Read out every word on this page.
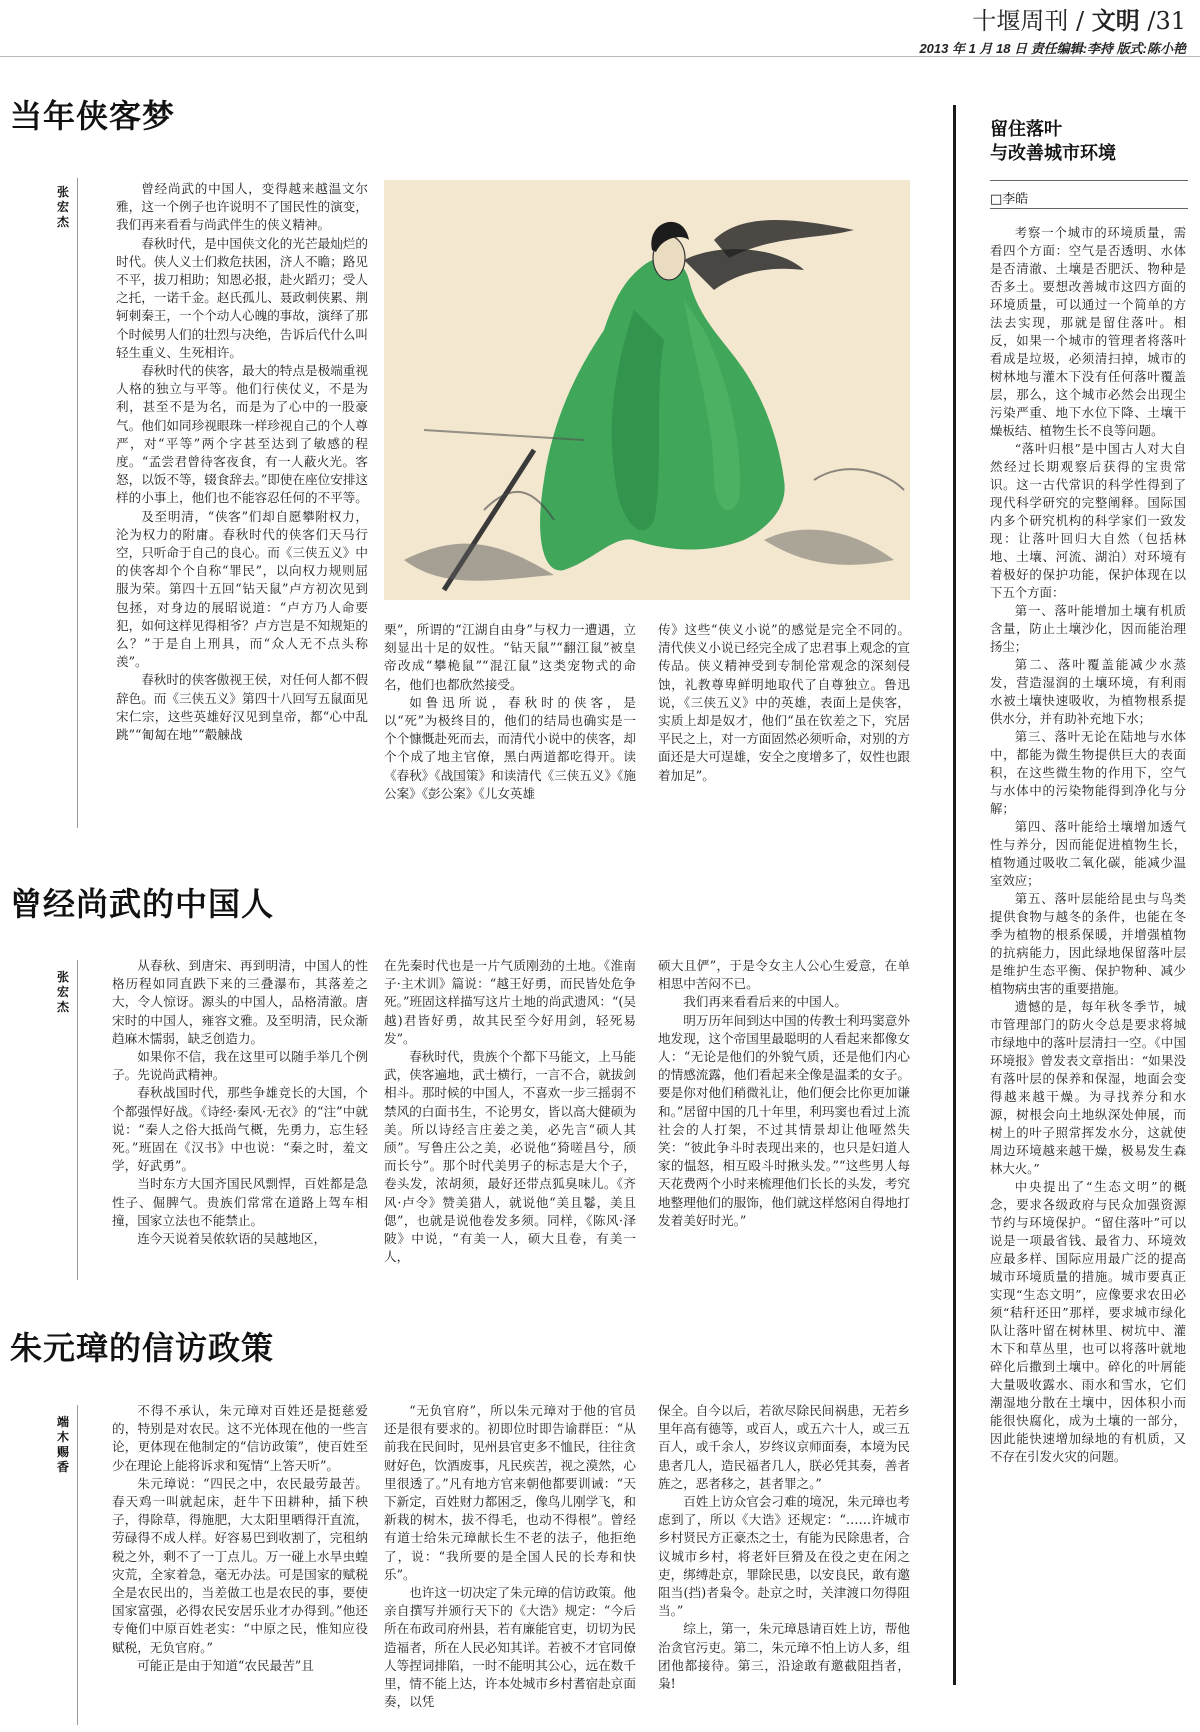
十堰周刊 / 文明 /31
2013 年 1 月 18 日 责任编辑:李持 版式:陈小艳
当年侠客梦
张宏杰

曾经尚武的中国人，变得越来越温文尔雅，这一个例子也许说明不了国民性的演变，我们再来看看与尚武伴生的侠义精神。

春秋时代，是中国侠文化的光芒最灿烂的时代。侠人义士们救危扶困，济人不瞻；路见不平，拔刀相助；知恩必报，赴火蹈刃；受人之托，一诺千金。赵氏孤儿、聂政刺侠累、荆轲刺秦王，一个个动人心魄的事故，演绎了那个时候男人们的壮烈与决绝，告诉后代什么叫轻生重义、生死相许。

春秋时代的侠客，最大的特点是极端重视人格的独立与平等。他们行侠仗义，不是为利，甚至不是为名，而是为了心中的一股豪气。他们如同珍视眼珠一样珍视自己的个人尊严，对“平等”两个字甚至达到了敏感的程度。“孟尝君曾待客夜食，有一人蔽火光。客怒，以饭不等，辍食辞去。”即使在座位安排这样的小事上，他们也不能容忍任何的不平等。

及至明清，“侠客”们却自愿攀附权力，沦为权力的附庸。春秋时代的侠客们天马行空，只听命于自己的良心。而《三侠五义》中的侠客却个个自称“罪民”，以向权力规则屈服为荣。第四十五回“钻天鼠”卢方初次见到包拯，对身边的展昭说道：“卢方乃人命要犯，如何这样见得相爷？卢方岂是不知规矩的么？”于是自上刑具，而“众人无不点头称羡”。

春秋时的侠客傲视王侯，对任何人都不假辞色。而《三侠五义》第四十八回写五鼠面见宋仁宗，这些英雄好汉见到皇帝，都“心中乱跳”“匍匐在地”“觳觫战

栗”，所谓的“江湖自由身”与权力一遭遇，立刻显出十足的奴性。“钻天鼠”“翻江鼠”被皇帝改成“攀桅鼠”“混江鼠”这类宠物式的命名，他们也都欣然接受。

如鲁迅所说，春秋时的侠客，是以“死”为极终目的，他们的结局也确实是一个个慷慨赴死而去，而清代小说中的侠客，却个个成了地主官僚，黑白两道都吃得开。读《春秋》《战国策》和读清代《三侠五义》《施公案》《彭公案》《儿女英雄

传》这些“侠义小说”的感觉是完全不同的。清代侠义小说已经完全成了忠君事上观念的宣传品。侠义精神受到专制伦常观念的深刻侵蚀，礼教尊卑鲜明地取代了自尊独立。鲁迅说，《三侠五义》中的英雄，表面上是侠客，实质上却是奴才，他们“虽在钦差之下，究居平民之上，对一方面固然必须听命，对别的方面还是大可逞雄，安全之度增多了，奴性也跟着加足”。

曾经尚武的中国人
张宏杰

从春秋、到唐宋、再到明清，中国人的性格历程如同直跌下来的三叠瀑布，其落差之大，令人惊讶。源头的中国人，品格清澈。唐宋时的中国人，雍容文雅。及至明清，民众渐趋麻木懦弱，缺乏创造力。

如果你不信，我在这里可以随手举几个例子。先说尚武精神。

春秋战国时代，那些争雄竞长的大国，个个都强悍好战。《诗经·秦风·无衣》的“注”中就说：“秦人之俗大抵尚气概，先勇力，忘生轻死。”班固在《汉书》中也说：“秦之时，羞文学，好武勇”。

当时东方大国齐国民风剽悍，百姓都是急性子、倔脾气。贵族们常常在道路上驾车相撞，国家立法也不能禁止。

连今天说着吴侬软语的吴越地区，

在先秦时代也是一片气质刚劲的土地。《淮南子·主术训》篇说：“越王好勇，而民皆处危争死。”班固这样描写这片土地的尚武遗风：“(吴越)君皆好勇，故其民至今好用剑，轻死易发”。

春秋时代，贵族个个都下马能文，上马能武，侠客遍地，武士横行，一言不合，就拔剑相斗。那时候的中国人，不喜欢一步三摇弱不禁风的白面书生，不论男女，皆以高大健硕为美。所以诗经言庄姜之美，必先言“硕人其颀”。写鲁庄公之美，必说他“猗嗟昌兮，颀而长兮”。那个时代美男子的标志是大个子，卷头发，浓胡须，最好还带点狐臭味儿。《齐风·卢令》赞美猎人，就说他“美且鬈，美且偲”，也就是说他卷发多须。同样，《陈风·泽陂》中说，“有美一人，硕大且卷，有美一人，

硕大且俨”，于是令女主人公心生爱意，在单相思中苦闷不已。

我们再来看看后来的中国人。

明万历年间到达中国的传教士利玛窦意外地发现，这个帝国里最聪明的人看起来都像女人：“无论是他们的外貌气质，还是他们内心的情感流露，他们看起来全像是温柔的女子。要是你对他们稍微礼让，他们便会比你更加谦和。”居留中国的几十年里，利玛窦也看过上流社会的人打架，不过其情景却让他哑然失笑：“彼此争斗时表现出来的，也只是妇道人家的愠怒，相互殴斗时揪头发。”“这些男人每天花费两个小时来梳理他们长长的头发，考究地整理他们的服饰，他们就这样悠闲自得地打发着美好时光。”

朱元璋的信访政策
端木赐香

不得不承认，朱元璋对百姓还是挺慈爱的，特别是对农民。这不光体现在他的一些言论，更体现在他制定的“信访政策”，使百姓至少在理论上能将诉求和冤情“上答天听”。

朱元璋说：“四民之中，农民最劳最苦。春天鸡一叫就起床，赶牛下田耕种，插下秧子，得除草，得施肥，大太阳里晒得汗直流，劳碌得不成人样。好容易巴到收割了，完租纳税之外，剩不了一丁点儿。万一碰上水旱虫蝗灾荒，全家着急，毫无办法。可是国家的赋税全是农民出的，当差做工也是农民的事，要使国家富强，必得农民安居乐业才办得到。”他还专俺们中原百姓老实：“中原之民，惟知应役赋税，无负官府。”

可能正是由于知道“农民最苦”且

“无负官府”，所以朱元璋对于他的官员还是很有要求的。初即位时即告谕群臣：“从前我在民间时，见州县官吏多不恤民，往往贪财好色，饮酒废事，凡民疾苦，视之漠然，心里很透了。”凡有地方官来朝他都要训诫：“天下新定，百姓财力都困乏，像鸟儿刚学飞，和新栽的树木，拔不得毛，也动不得根”。曾经有道士给朱元璋献长生不老的法子，他拒绝了，说：“我所要的是全国人民的长寿和快乐”。

也许这一切决定了朱元璋的信访政策。他亲自撰写并颁行天下的《大诰》规定：“今后所在布政司府州县，若有廉能官吏，切切为民造福者，所在人民必知其详。若被不才官同僚人等捏词排陷，一时不能明其公心，远在数千里，情不能上达，许本处城市乡村耆宿赴京面奏，以凭

保全。自今以后，若欲尽除民间祸患，无若乡里年高有德等，或百人，或五六十人，或三五百人，或千余人，岁终议京师面奏，本境为民患者几人，造民福者几人，朕必凭其奏，善者旌之，恶者移之，甚者罪之。”

百姓上访众官会刁难的境况，朱元璋也考虑到了，所以《大诰》还规定：“……许城市乡村贤民方正豪杰之士，有能为民除患者，合议城市乡村，将老奸巨猾及在役之吏在闲之吏，绑缚赴京，罪除民患，以安良民，敢有邀阻当(挡)者枭令。赴京之时，关津渡口勿得阻当。”

综上，第一，朱元璋恳请百姓上访，帮他治贪官污吏。第二，朱元璋不怕上访人多，组团他都接待。第三，沿途敢有邀截阻挡者，枭!

留住落叶
与改善城市环境
□李皓

考察一个城市的环境质量，需看四个方面：空气是否透明、水体是否清澈、土壤是否肥沃、物种是否多土。要想改善城市这四方面的环境质量，可以通过一个简单的方法去实现，那就是留住落叶。相反，如果一个城市的管理者将落叶看成是垃圾，必须清扫掉，城市的树林地与灌木下没有任何落叶覆盖层，那么，这个城市必然会出现尘污染严重、地下水位下降、土壤干燥板结、植物生长不良等问题。

“落叶归根”是中国古人对大自然经过长期观察后获得的宝贵常识。这一古代常识的科学性得到了现代科学研究的完整阐释。国际国内多个研究机构的科学家们一致发现：让落叶回归大自然（包括林地、土壤、河流、湖泊）对环境有着极好的保护功能，保护体现在以下五个方面：

第一、落叶能增加土壤有机质含量，防止土壤沙化，因而能治理扬尘；

第二、落叶覆盖能减少水蒸发，营造湿润的土壤环境，有利雨水被土壤快速吸收，为植物根系提供水分，并有助补充地下水；

第三、落叶无论在陆地与水体中，都能为微生物提供巨大的表面积，在这些微生物的作用下，空气与水体中的污染物能得到净化与分解；

第四、落叶能给土壤增加透气性与养分，因而能促进植物生长，植物通过吸收二氧化碳，能减少温室效应；

第五、落叶层能给昆虫与鸟类提供食物与越冬的条件，也能在冬季为植物的根系保暖，并增强植物的抗病能力，因此绿地保留落叶层是维护生态平衡、保护物种、减少植物病虫害的重要措施。

遗憾的是，每年秋冬季节，城市管理部门的防火令总是要求将城市绿地中的落叶层清扫一空。《中国环境报》曾发表文章指出：“如果没有落叶层的保养和保湿，地面会变得越来越干燥。为寻找养分和水源，树根会向土地纵深处伸展，而树上的叶子照常挥发水分，这就使周边环境越来越干燥，极易发生森林大火。”

中央提出了“生态文明”的概念，要求各级政府与民众加强资源节约与环境保护。“留住落叶”可以说是一项最省钱、最省力、环境效应最多样、国际应用最广泛的提高城市环境质量的措施。城市要真正实现“生态文明”，应像要求农田必须“秸秆还田”那样，要求城市绿化队让落叶留在树林里、树坑中、灌木下和草丛里，也可以将落叶就地碎化后撒到土壤中。碎化的叶屑能大量吸收露水、雨水和雪水，它们潮湿地分散在土壤中，因体积小而能很快腐化，成为土壤的一部分，因此能快速增加绿地的有机质，又不存在引发火灾的问题。
